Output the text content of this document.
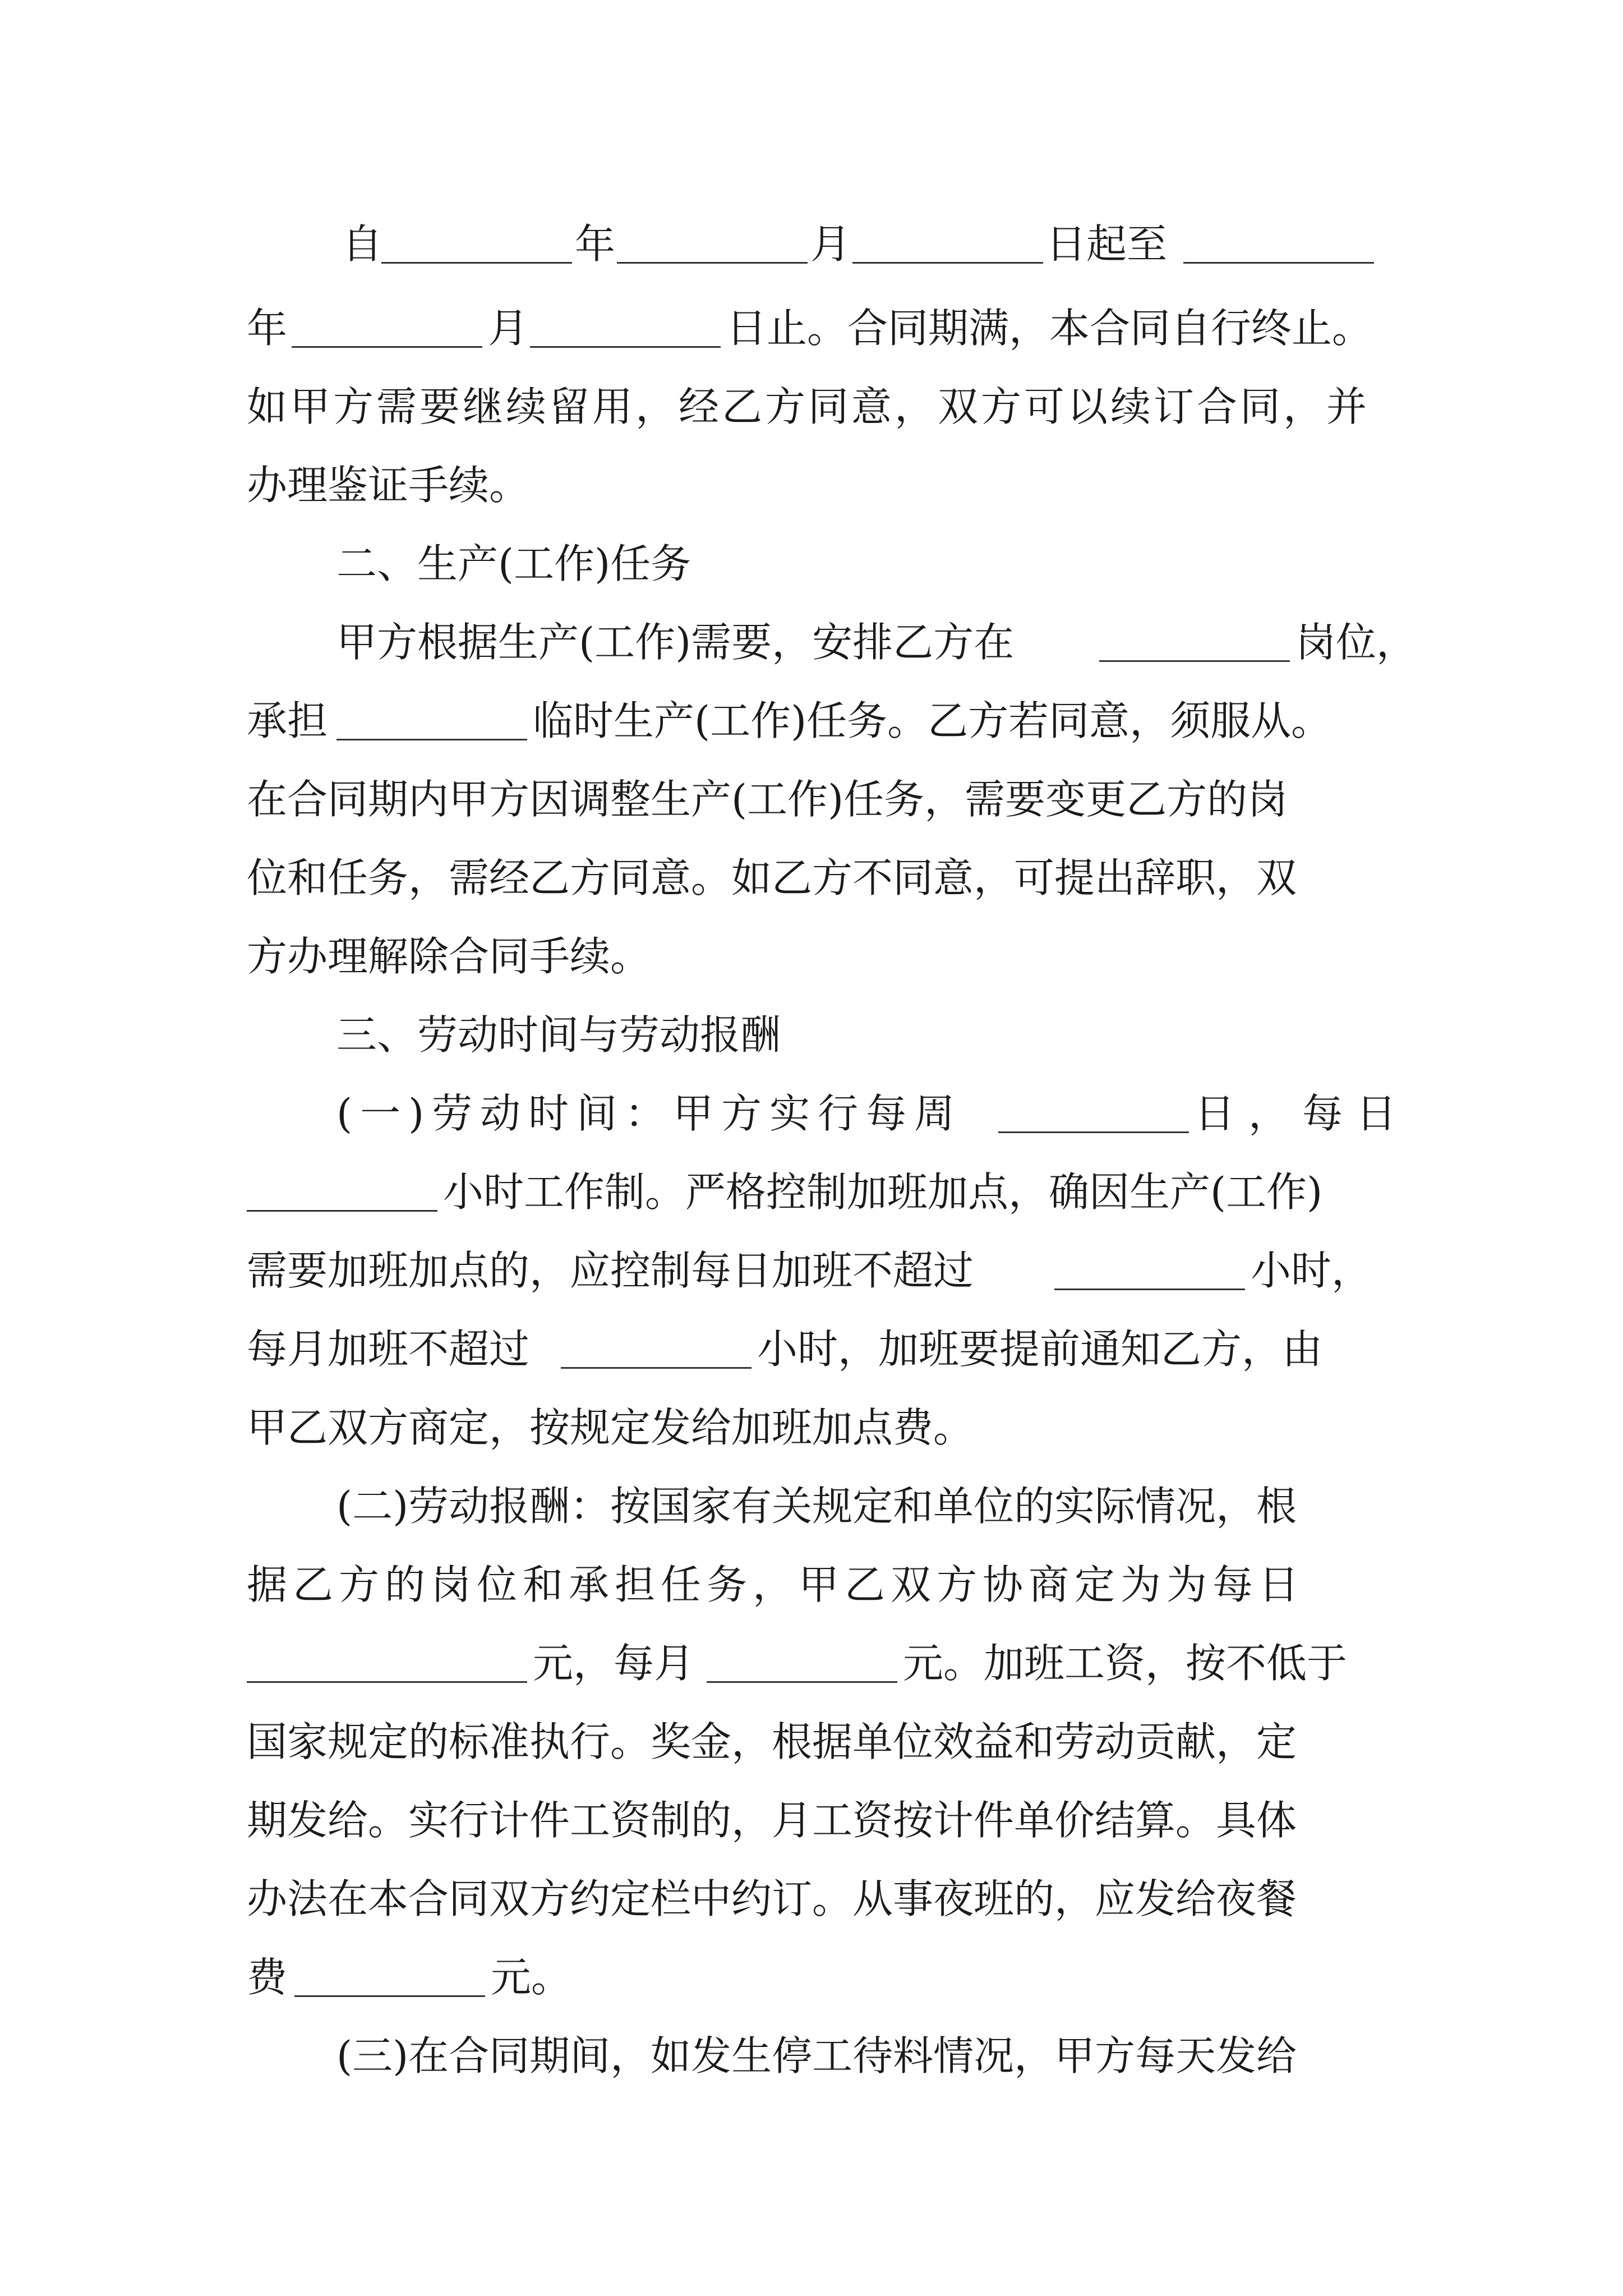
自	年	月	日起至
年	月	日止。合同期满，本合同自行终止。
如甲方需要继续留用，经乙方同意，双方可以续订合同，并
办理鉴证手续。
二、生产(工作)任务
甲方根据生产(工作)需要，安排乙方在	岗位，
承担	临时生产(工作)任务。乙方若同意，须服从。
在合同期内甲方因调整生产(工作)任务，需要变更乙方的岗
位和任务，需经乙方同意。如乙方不同意，可提出辞职，双
方办理解除合同手续。
三、劳动时间与劳动报酬
(一)劳动时间：甲方实行每周	日，每日
小时工作制。严格控制加班加点，确因生产(工作)
需要加班加点的，应控制每日加班不超过	小时，
每月加班不超过	小时，加班要提前通知乙方，由
甲乙双方商定，按规定发给加班加点费。
(二)劳动报酬：按国家有关规定和单位的实际情况，根
据乙方的岗位和承担任务，甲乙双方协商定为为每日
元，每月	元。加班工资，按不低于
国家规定的标准执行。奖金，根据单位效益和劳动贡献，定
期发给。实行计件工资制的，月工资按计件单价结算。具体
办法在本合同双方约定栏中约订。从事夜班的，应发给夜餐
费	元。
(三)在合同期间，如发生停工待料情况，甲方每天发给
